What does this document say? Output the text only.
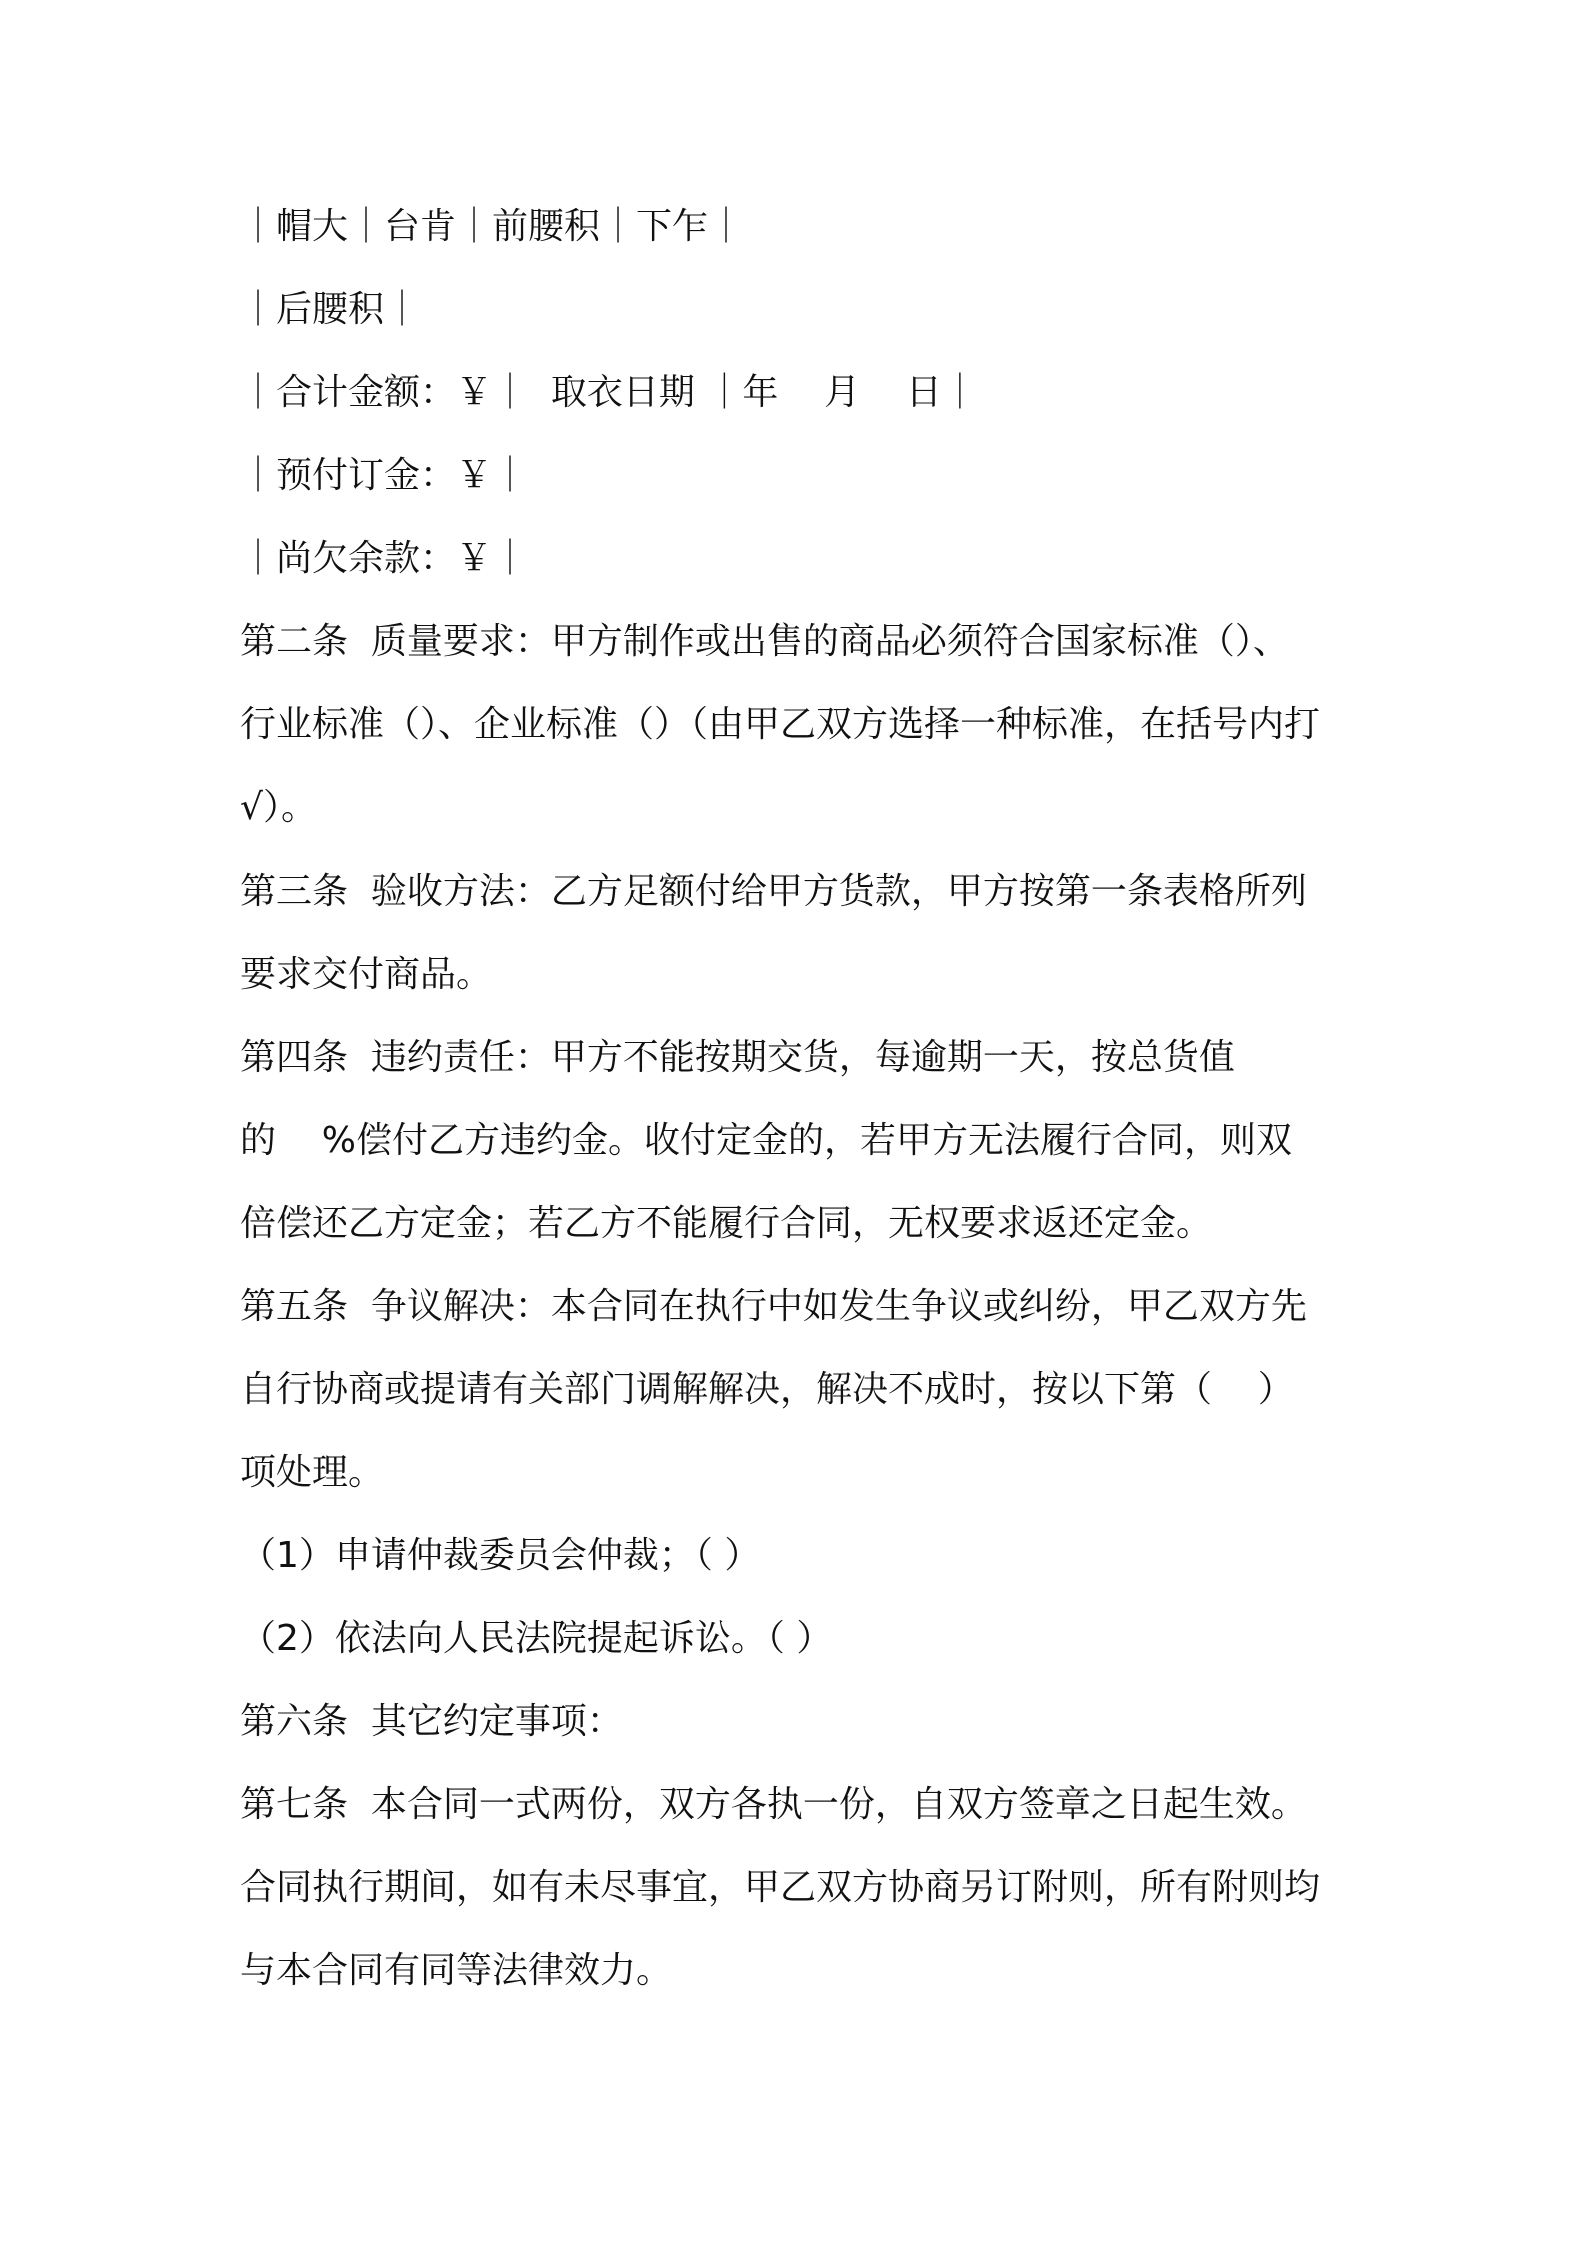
｜帽大｜台肯｜前腰积｜下乍｜
｜后腰积｜
｜合计金额：￥｜  取衣日期 ｜年    月    日｜
｜预付订金：￥｜
｜尚欠余款：￥｜
第二条  质量要求：甲方制作或出售的商品必须符合国家标准（）、
行业标准（）、企业标准（）（由甲乙双方选择一种标准，在括号内打
√）。
第三条  验收方法：乙方足额付给甲方货款，甲方按第一条表格所列
要求交付商品。
第四条  违约责任：甲方不能按期交货，每逾期一天，按总货值
的    %偿付乙方违约金。收付定金的，若甲方无法履行合同，则双
倍偿还乙方定金；若乙方不能履行合同，无权要求返还定金。
第五条  争议解决：本合同在执行中如发生争议或纠纷，甲乙双方先
自行协商或提请有关部门调解解决，解决不成时，按以下第（    ）
项处理。
（1）申请仲裁委员会仲裁；（ ）
（2）依法向人民法院提起诉讼。（ ）
第六条  其它约定事项：
第七条  本合同一式两份，双方各执一份，自双方签章之日起生效。
合同执行期间，如有未尽事宜，甲乙双方协商另订附则，所有附则均
与本合同有同等法律效力。
